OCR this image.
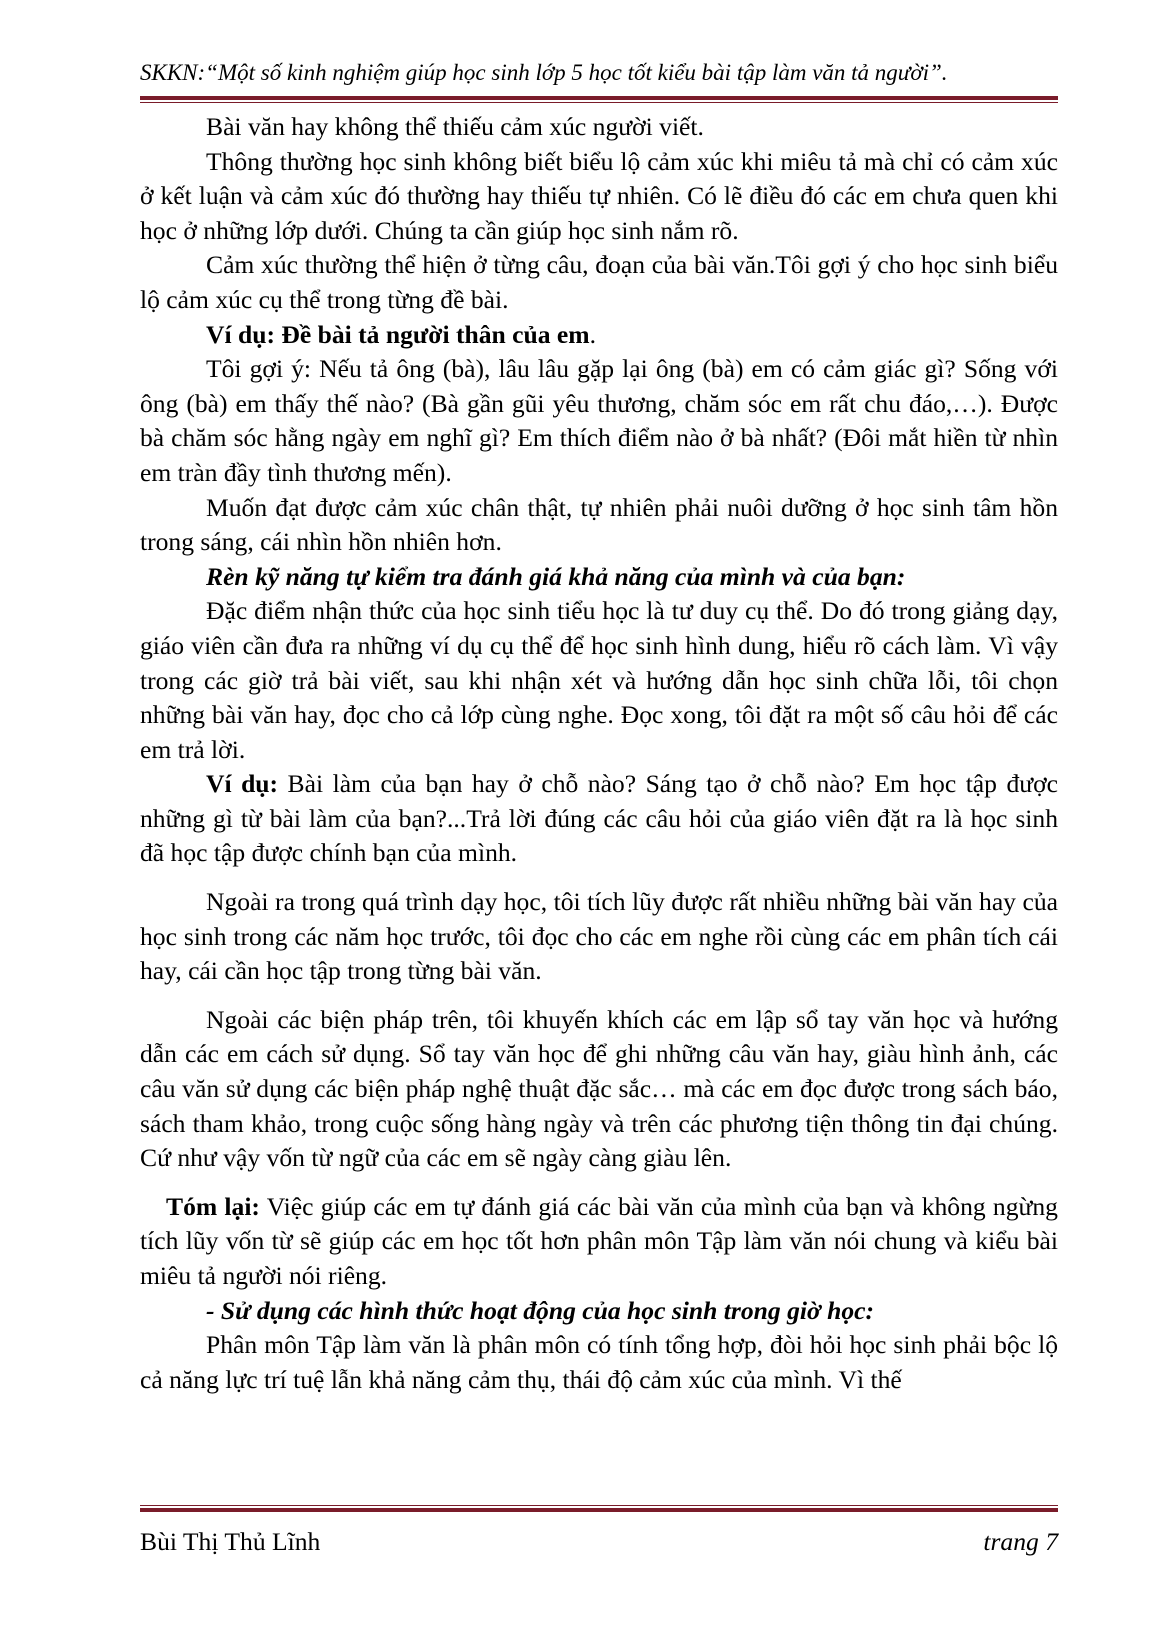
SKKN:“Một số kinh nghiệm giúp học sinh lớp 5 học tốt kiểu bài tập làm văn tả người”.

Bài văn hay không thể thiếu cảm xúc người viết.

Thông thường học sinh không biết biểu lộ cảm xúc khi miêu tả mà chỉ có cảm xúc ở kết luận và cảm xúc đó thường hay thiếu tự nhiên. Có lẽ điều đó các em chưa quen khi học ở những lớp dưới. Chúng ta cần giúp học sinh nắm rõ.

Cảm xúc thường thể hiện ở từng câu, đoạn của bài văn.Tôi gợi ý cho học sinh biểu lộ cảm xúc cụ thể trong từng đề bài.

Ví dụ: Đề bài tả người thân của em.

Tôi gợi ý: Nếu tả ông (bà), lâu lâu gặp lại ông (bà) em có cảm giác gì? Sống với ông (bà) em thấy thế nào? (Bà gần gũi yêu thương, chăm sóc em rất chu đáo,…). Được bà chăm sóc hằng ngày em nghĩ gì? Em thích điểm nào ở bà nhất? (Đôi mắt hiền từ nhìn em tràn đầy tình thương mến).

Muốn đạt được cảm xúc chân thật, tự nhiên phải nuôi dưỡng ở học sinh tâm hồn trong sáng, cái nhìn hồn nhiên hơn.

Rèn kỹ năng tự kiểm tra đánh giá khả năng của mình và của bạn:

Đặc điểm nhận thức của học sinh tiểu học là tư duy cụ thể. Do đó trong giảng dạy, giáo viên cần đưa ra những ví dụ cụ thể để học sinh hình dung, hiểu rõ cách làm. Vì vậy trong các giờ trả bài viết, sau khi nhận xét và hướng dẫn học sinh chữa lỗi, tôi chọn những bài văn hay, đọc cho cả lớp cùng nghe. Đọc xong, tôi đặt ra một số câu hỏi để các em trả lời.

Ví dụ: Bài làm của bạn hay ở chỗ nào? Sáng tạo ở chỗ nào? Em học tập được những gì từ bài làm của bạn?...Trả lời đúng các câu hỏi của giáo viên đặt ra là học sinh đã học tập được chính bạn của mình.

Ngoài ra trong quá trình dạy học, tôi tích lũy được rất nhiều những bài văn hay của học sinh trong các năm học trước, tôi đọc cho các em nghe rồi cùng các em phân tích cái hay, cái cần học tập trong từng bài văn.

Ngoài các biện pháp trên, tôi khuyến khích các em lập sổ tay văn học và hướng dẫn các em cách sử dụng. Sổ tay văn học để ghi những câu văn hay, giàu hình ảnh, các câu văn sử dụng các biện pháp nghệ thuật đặc sắc… mà các em đọc được trong sách báo, sách tham khảo, trong cuộc sống hàng ngày và trên các phương tiện thông tin đại chúng. Cứ như vậy vốn từ ngữ của các em sẽ ngày càng giàu lên.

Tóm lại: Việc giúp các em tự đánh giá các bài văn của mình của bạn và không ngừng tích lũy vốn từ sẽ giúp các em học tốt hơn phân môn Tập làm văn nói chung và kiểu bài miêu tả người nói riêng.

- Sử dụng các hình thức hoạt động của học sinh trong giờ học:

Phân môn Tập làm văn là phân môn có tính tổng hợp, đòi hỏi học sinh phải bộc lộ cả năng lực trí tuệ lẫn khả năng cảm thụ, thái độ cảm xúc của mình. Vì thế

Bùi Thị Thủ Lĩnh	trang 7
